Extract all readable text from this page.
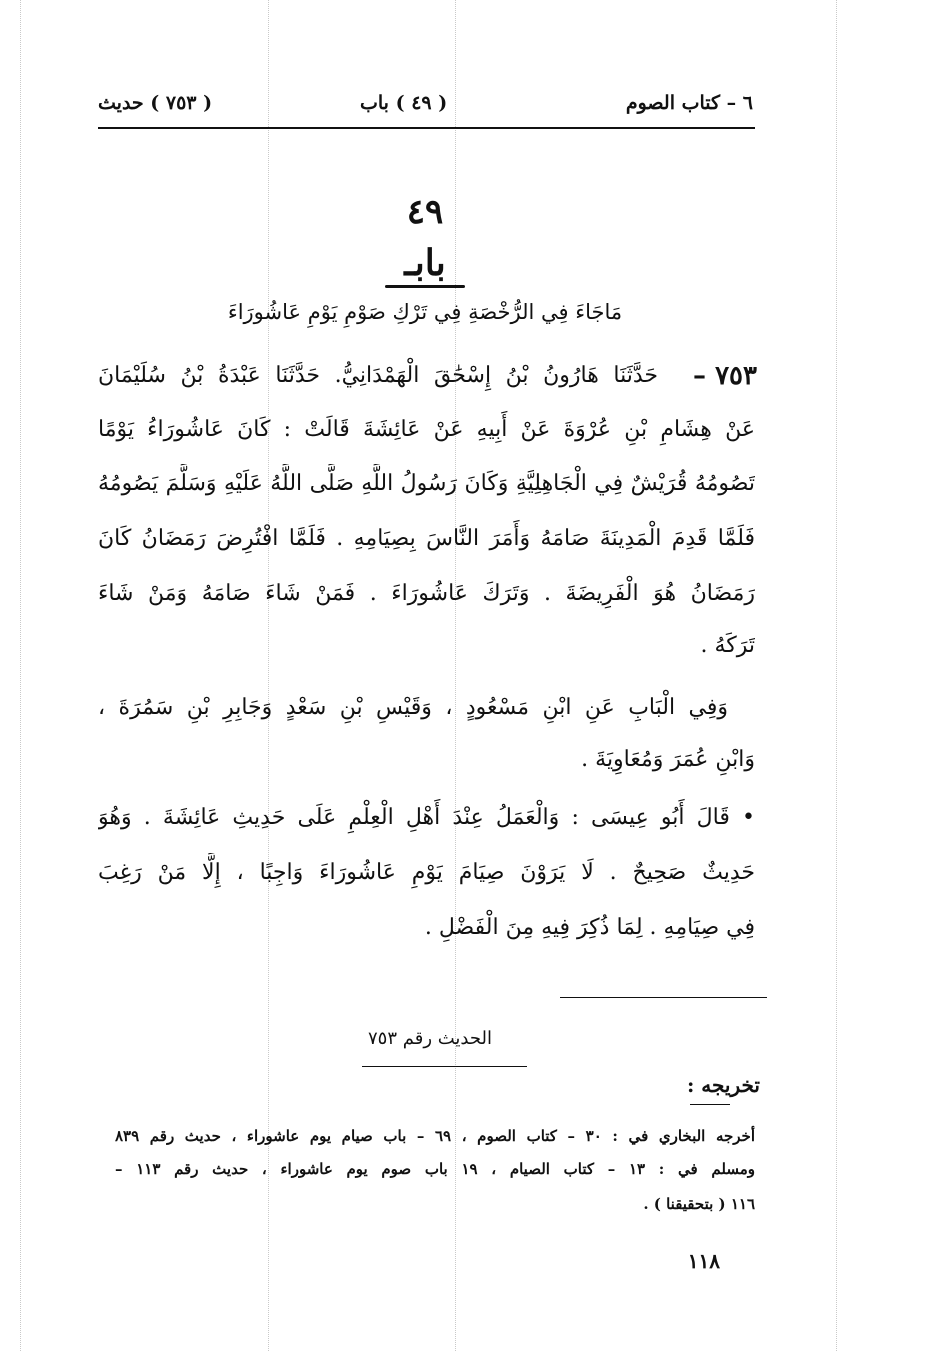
٦ – كتاب الصوم
( ٤٩ ) باب
( ٧٥٣ ) حديث
٤٩
بابـ
مَاجَاءَ فِي الرُّخْصَةِ فِي تَرْكِ صَوْمِ يَوْمِ عَاشُورَاءَ
حَدَّثَنَا هَارُونُ بْنُ إِسْحَٰقَ الْهَمْدَانِيُّ. حَدَّثَنَا عَبْدَةُ بْنُ سُلَيْمَانَ	٧٥٣ –
عَنْ هِشَامِ بْنِ عُرْوَةَ عَنْ أَبِيهِ عَنْ عَائِشَةَ قَالَتْ : كَانَ عَاشُورَاءُ يَوْمًا
تَصُومُهُ قُرَيْشٌ فِي الْجَاهِلِيَّةِ وَكَانَ رَسُولُ اللَّهِ صَلَّى اللَّهُ عَلَيْهِ وَسَلَّمَ يَصُومُهُ
فَلَمَّا قَدِمَ الْمَدِينَةَ صَامَهُ وَأَمَرَ النَّاسَ بِصِيَامِهِ . فَلَمَّا افْتُرِضَ رَمَضَانُ كَانَ
رَمَضَانُ هُوَ الْفَرِيضَةَ . وَتَرَكَ عَاشُورَاءَ . فَمَنْ شَاءَ صَامَهُ وَمَنْ شَاءَ
تَرَكَهُ .
وَفِي الْبَابِ عَنِ ابْنِ مَسْعُودٍ ، وَقَيْسِ بْنِ سَعْدٍ وَجَابِرِ بْنِ سَمُرَةَ ،
وَابْنِ عُمَرَ وَمُعَاوِيَةَ .
• قَالَ أَبُو عِيسَى : وَالْعَمَلُ عِنْدَ أَهْلِ الْعِلْمِ عَلَى حَدِيثِ عَائِشَةَ . وَهُوَ
حَدِيثٌ صَحِيحٌ . لَا يَرَوْنَ صِيَامَ يَوْمِ عَاشُورَاءَ وَاجِبًا ، إِلَّا مَنْ رَغِبَ
فِي صِيَامِهِ . لِمَا ذُكِرَ فِيهِ مِنَ الْفَضْلِ .
الحديث رقم ٧٥٣
تخريجه :
أخرجه البخاري في : ٣٠ – كتاب الصوم ، ٦٩ – باب صيام يوم عاشوراء ، حديث رقم ٨٣٩
ومسلم في : ١٣ – كتاب الصيام ، ١٩ باب صوم يوم عاشوراء ، حديث رقم ١١٣ –
١١٦ ( بتحقيقنا ) .
١١٨
